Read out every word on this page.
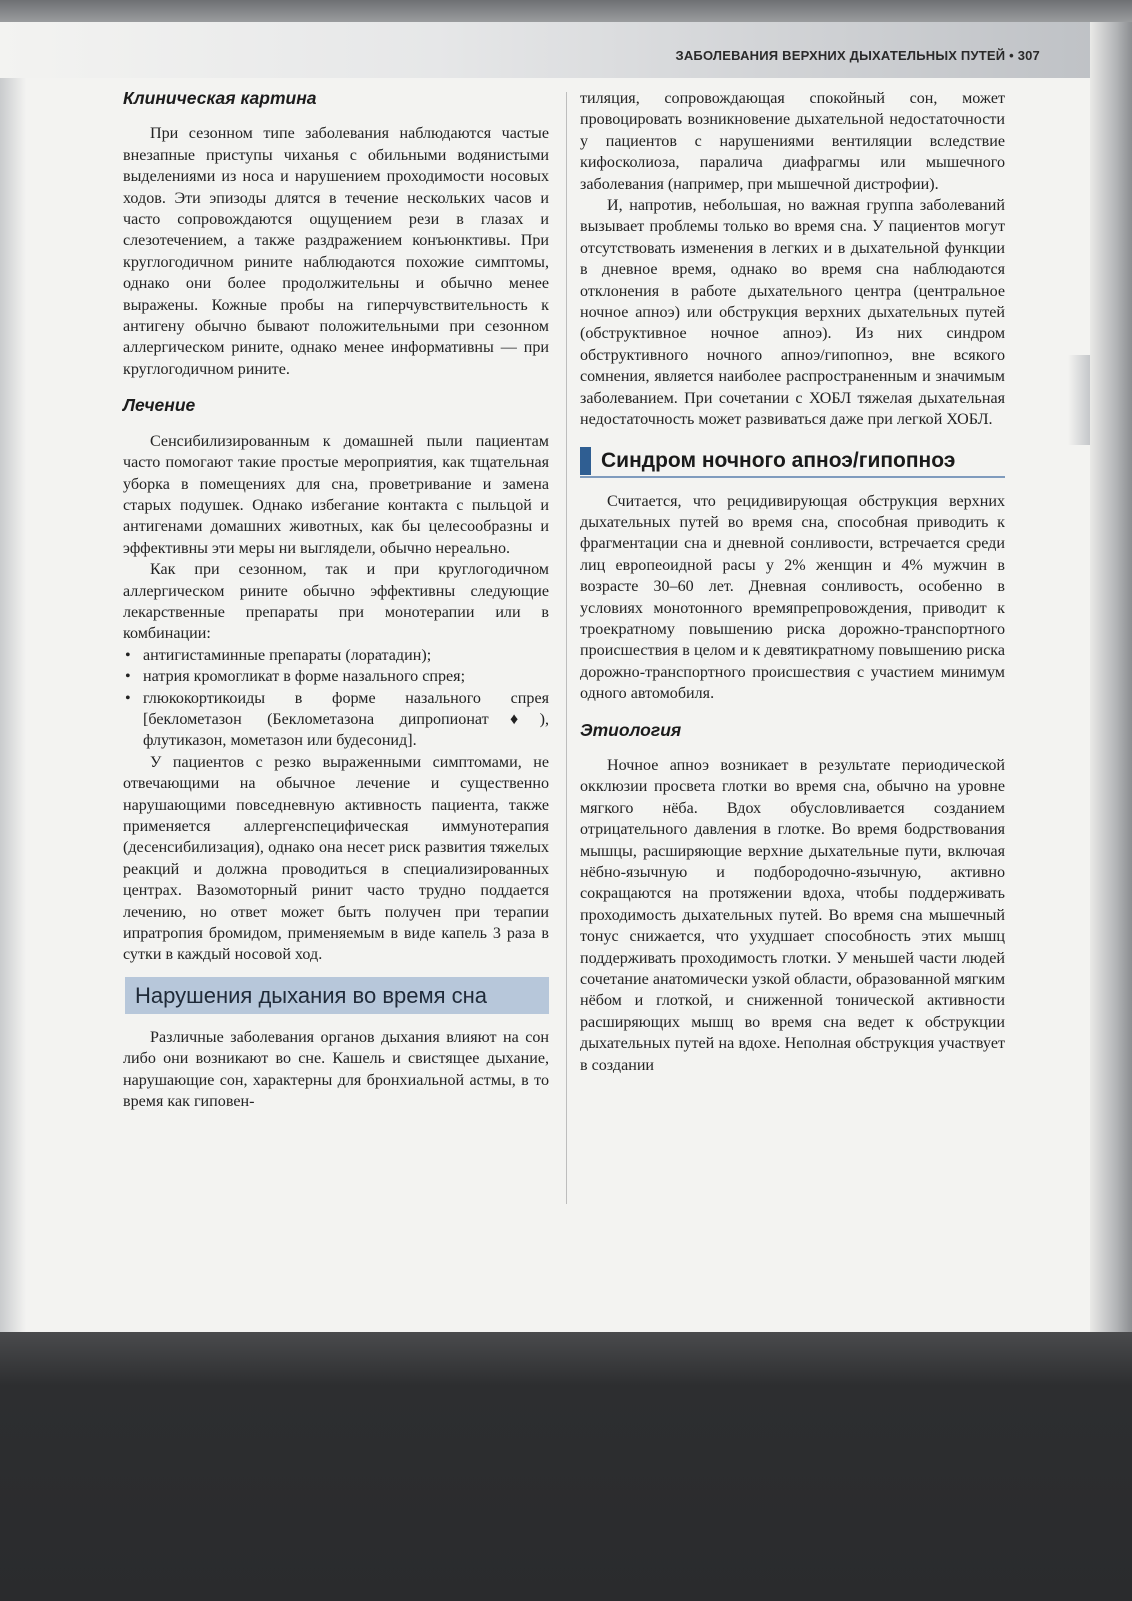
ЗАБОЛЕВАНИЯ ВЕРХНИХ ДЫХАТЕЛЬНЫХ ПУТЕЙ • 307
Клиническая картина

При сезонном типе заболевания наблюдаются частые внезапные приступы чиханья с обильными водянистыми выделениями из носа и нарушением проходимости носовых ходов. Эти эпизоды длятся в течение нескольких часов и часто сопровождаются ощущением рези в глазах и слезотечением, а также раздражением конъюнктивы. При круглогодичном рините наблюдаются похожие симптомы, однако они более продолжительны и обычно менее выражены. Кожные пробы на гиперчувствительность к антигену обычно бывают положительными при сезонном аллергическом рините, однако менее информативны — при круглогодичном рините.

Лечение

Сенсибилизированным к домашней пыли пациентам часто помогают такие простые мероприятия, как тщательная уборка в помещениях для сна, проветривание и замена старых подушек. Однако избегание контакта с пыльцой и антигенами домашних животных, как бы целесообразны и эффективны эти меры ни выглядели, обычно нереально.

Как при сезонном, так и при круглогодичном аллергическом рините обычно эффективны следующие лекарственные препараты при монотерапии или в комбинации:

• антигистаминные препараты (лоратадин);
• натрия кромогликат в форме назального спрея;
• глюкокортикоиды в форме назального спрея [беклометазон (Беклометазона дипропионат♦), флутиказон, мометазон или будесонид].

У пациентов с резко выраженными симптомами, не отвечающими на обычное лечение и существенно нарушающими повседневную активность пациента, также применяется аллергенспецифическая иммунотерапия (десенсибилизация), однако она несет риск развития тяжелых реакций и должна проводиться в специализированных центрах. Вазомоторный ринит часто трудно поддается лечению, но ответ может быть получен при терапии ипратропия бромидом, применяемым в виде капель 3 раза в сутки в каждый носовой ход.

Нарушения дыхания во время сна

Различные заболевания органов дыхания влияют на сон либо они возникают во сне. Кашель и свистящее дыхание, нарушающие сон, характерны для бронхиальной астмы, в то время как гиповен-

тиляция, сопровождающая спокойный сон, может провоцировать возникновение дыхательной недостаточности у пациентов с нарушениями вентиляции вследствие кифосколиоза, паралича диафрагмы или мышечного заболевания (например, при мышечной дистрофии).

И, напротив, небольшая, но важная группа заболеваний вызывает проблемы только во время сна. У пациентов могут отсутствовать изменения в легких и в дыхательной функции в дневное время, однако во время сна наблюдаются отклонения в работе дыхательного центра (центральное ночное апноэ) или обструкция верхних дыхательных путей (обструктивное ночное апноэ). Из них синдром обструктивного ночного апноэ/гипопноэ, вне всякого сомнения, является наиболее распространенным и значимым заболеванием. При сочетании с ХОБЛ тяжелая дыхательная недостаточность может развиваться даже при легкой ХОБЛ.

Синдром ночного апноэ/гипопноэ

Считается, что рецидивирующая обструкция верхних дыхательных путей во время сна, способная приводить к фрагментации сна и дневной сонливости, встречается среди лиц европеоидной расы у 2% женщин и 4% мужчин в возрасте 30–60 лет. Дневная сонливость, особенно в условиях монотонного времяпрепровождения, приводит к троекратному повышению риска дорожно-транспортного происшествия в целом и к девятикратному повышению риска дорожно-транспортного происшествия с участием минимум одного автомобиля.

Этиология

Ночное апноэ возникает в результате периодической окклюзии просвета глотки во время сна, обычно на уровне мягкого нёба. Вдох обусловливается созданием отрицательного давления в глотке. Во время бодрствования мышцы, расширяющие верхние дыхательные пути, включая нёбно-язычную и подбородочно-язычную, активно сокращаются на протяжении вдоха, чтобы поддерживать проходимость дыхательных путей. Во время сна мышечный тонус снижается, что ухудшает способность этих мышц поддерживать проходимость глотки. У меньшей части людей сочетание анатомически узкой области, образованной мягким нёбом и глоткой, и сниженной тонической активности расширяющих мышц во время сна ведет к обструкции дыхательных путей на вдохе. Неполная обструкция участвует в создании
